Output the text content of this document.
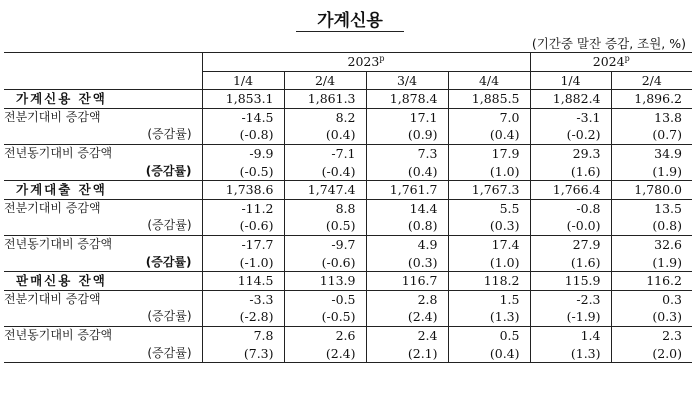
가계신용
(기간중 말잔 증감, 조원, %)
	2023$^p$				2024$^p$
	1/4	2/4	3/4	4/4	1/4	2/4
가계신용 잔액	1,853.1	1,861.3	1,878.4	1,885.5	1,882.4	1,896.2
전분기대비 증감액	-14.5	8.2	17.1	7.0	-3.1	13.8
(증감률)	(-0.8)	(0.4)	(0.9)	(0.4)	(-0.2)	(0.7)
전년동기대비 증감액	-9.9	-7.1	7.3	17.9	29.3	34.9
(증감률)	(-0.5)	(-0.4)	(0.4)	(1.0)	(1.6)	(1.9)
가계대출 잔액	1,738.6	1,747.4	1,761.7	1,767.3	1,766.4	1,780.0
전분기대비 증감액	-11.2	8.8	14.4	5.5	-0.8	13.5
(증감률)	(-0.6)	(0.5)	(0.8)	(0.3)	(-0.0)	(0.8)
전년동기대비 증감액	-17.7	-9.7	4.9	17.4	27.9	32.6
(증감률)	(-1.0)	(-0.6)	(0.3)	(1.0)	(1.6)	(1.9)
판매신용 잔액	114.5	113.9	116.7	118.2	115.9	116.2
전분기대비 증감액	-3.3	-0.5	2.8	1.5	-2.3	0.3
(증감률)	(-2.8)	(-0.5)	(2.4)	(1.3)	(-1.9)	(0.3)
전년동기대비 증감액	7.8	2.6	2.4	0.5	1.4	2.3
(증감률)	(7.3)	(2.4)	(2.1)	(0.4)	(1.3)	(2.0)
